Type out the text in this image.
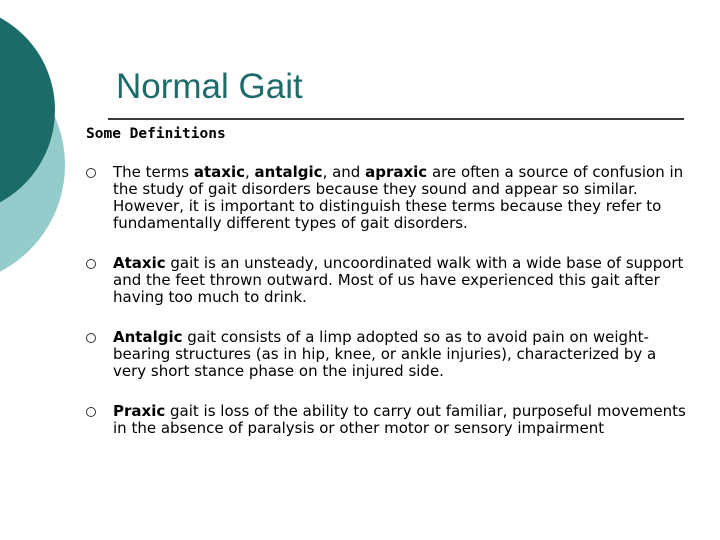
Normal Gait
Some Definitions

The terms ataxic, antalgic, and apraxic are often a source of confusion in the study of gait disorders because they sound and appear so similar.

However, it is important to distinguish these terms because they refer to fundamentally different types of gait disorders.

Ataxic gait is an unsteady, uncoordinated walk with a wide base of support and the feet thrown outward. Most of us have experienced this gait after having too much to drink.

Antalgic gait consists of a limp adopted so as to avoid pain on weight-bearing structures (as in hip, knee, or ankle injuries), characterized by a very short stance phase on the injured side.

Praxic gait is loss of the ability to carry out familiar, purposeful movements in the absence of paralysis or other motor or sensory impairment
